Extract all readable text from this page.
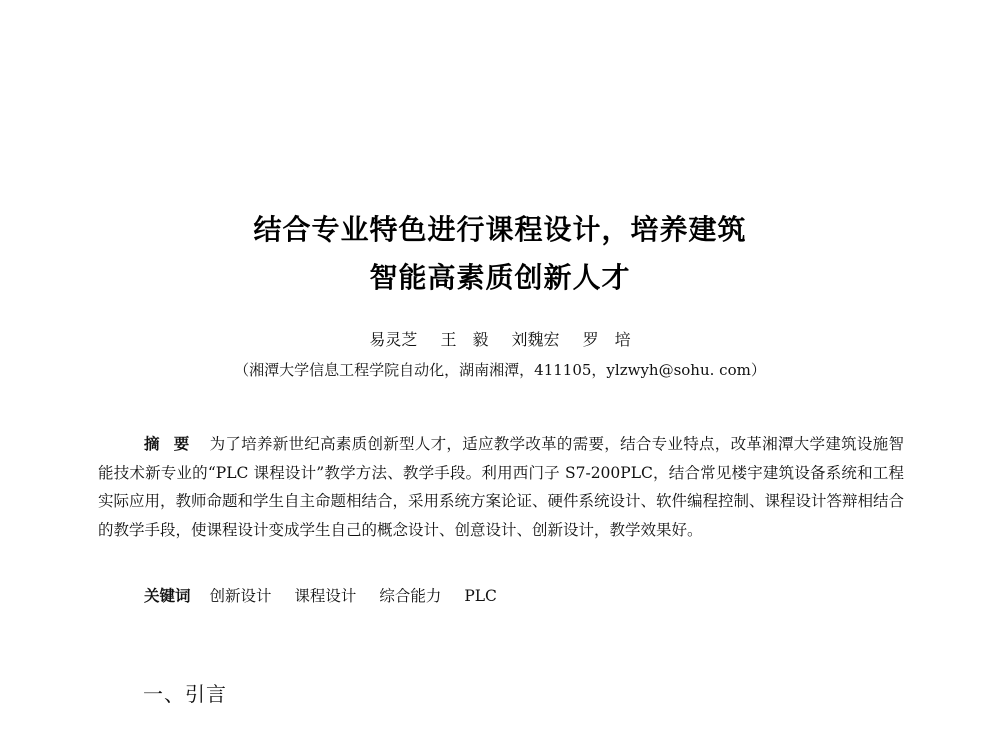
结合专业特色进行课程设计，培养建筑
智能高素质创新人才
易灵芝 王　毅 刘魏宏 罗　培
（湘潭大学信息工程学院自动化，湖南湘潭，411105，ylzwyh@sohu. com）

摘要 为了培养新世纪高素质创新型人才，适应教学改革的需要，结合专业特点，改革湘潭大学建筑设施智能技术新专业的“PLC 课程设计”教学方法、教学手段。利用西门子 S7-200PLC，结合常见楼宇建筑设备系统和工程实际应用，教师命题和学生自主命题相结合，采用系统方案论证、硬件系统设计、软件编程控制、课程设计答辩相结合的教学手段，使课程设计变成学生自己的概念设计、创意设计、创新设计，教学效果好。

关键词 创新设计 课程设计 综合能力 PLC
一、引言
